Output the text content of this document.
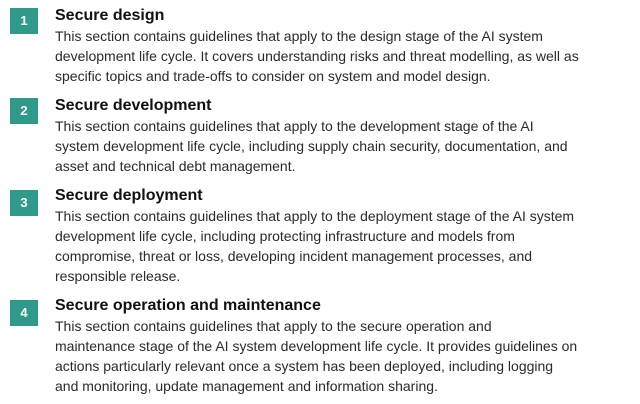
1	Secure design
This section contains guidelines that apply to the design stage of the AI system
development life cycle. It covers understanding risks and threat modelling, as well as
specific topics and trade-offs to consider on system and model design.
2	Secure development
This section contains guidelines that apply to the development stage of the AI
system development life cycle, including supply chain security, documentation, and
asset and technical debt management.
3	Secure deployment
This section contains guidelines that apply to the deployment stage of the AI system
development life cycle, including protecting infrastructure and models from
compromise, threat or loss, developing incident management processes, and
responsible release.
4	Secure operation and maintenance
This section contains guidelines that apply to the secure operation and
maintenance stage of the AI system development life cycle. It provides guidelines on
actions particularly relevant once a system has been deployed, including logging
and monitoring, update management and information sharing.
